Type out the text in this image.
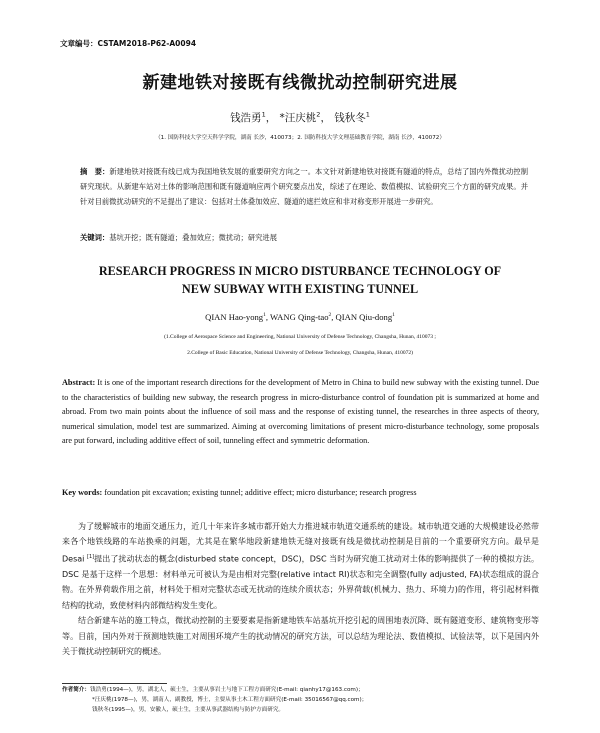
文章编号：CSTAM2018-P62-A0094
新建地铁对接既有线微扰动控制研究进展
钱浩勇$^1$， *汪庆桃$^2$， 钱秋冬$^1$
（1. 国防科技大学空天科学学院，湖南 长沙，410073；2. 国防科技大学文理基础教育学院，湖南 长沙，410072）
摘　要：新建地铁对接既有线已成为我国地铁发展的重要研究方向之一。本文针对新建地铁对接既有隧道的特点，总结了国内外微扰动控制研究现状。从新建车站对土体的影响范围和既有隧道响应两个研究要点出发，综述了在理论、数值模拟、试验研究三个方面的研究成果。并针对目前微扰动研究的不足提出了建议：包括对土体叠加效应、隧道的遮拦效应和非对称变形开展进一步研究。
关键词：基坑开挖；既有隧道；叠加效应；微扰动；研究进展
RESEARCH PROGRESS IN MICRO DISTURBANCE TECHNOLOGY OF
NEW SUBWAY WITH EXISTING TUNNEL
QIAN Hao-yong$^1$, WANG Qing-tao$^2$, QIAN Qiu-dong$^1$
(1.College of Aerospace Science and Engineering, National University of Defense Technology, Changsha, Hunan, 410073 ;
2.College of Basic Education, National University of Defense Technology, Changsha, Hunan, 410072)
Abstract: It is one of the important research directions for the development of Metro in China to build new subway with the existing tunnel. Due to the characteristics of building new subway, the research progress in micro-disturbance control of foundation pit is summarized at home and abroad. From two main points about the influence of soil mass and the response of existing tunnel, the researches in three aspects of theory, numerical simulation, model test are summarized. Aiming at overcoming limitations of present micro-disturbance technology, some proposals are put forward, including additive effect of soil, tunneling effect and symmetric deformation.
Key words: foundation pit excavation; existing tunnel; additive effect; micro disturbance; research progress

为了缓解城市的地面交通压力，近几十年来许多城市都开始大力推进城市轨道交通系统的建设。城市轨道交通的大规模建设必然带来各个地铁线路的车站换乘的问题，尤其是在繁华地段新建地铁无缝对接既有线是微扰动控制是目前的一个重要研究方向。最早是 Desai [1]提出了扰动状态的概念(disturbed state concept，DSC)，DSC 当时为研究施工扰动对土体的影响提供了一种的模拟方法。DSC 是基于这样一个思想：材料单元可被认为是由相对完整(relative intact RI)状态和完全调整(fully adjusted, FA)状态组成的混合物。在外界荷载作用之前，材料处于相对完整状态或无扰动的连续介质状态；外界荷载(机械力、热力、环境力)的作用，将引起材料微结构的扰动，致使材料内部微结构发生变化。

结合新建车站的施工特点，微扰动控制的主要要素是指新建地铁车站基坑开挖引起的周围地表沉降、既有隧道变形、建筑物变形等等。目前，国内外对于预测地铁施工对周围环境产生的扰动情况的研究方法，可以总结为理论法、数值模拟、试验法等，以下是国内外关于微扰动控制研究的概述。

作者简介：钱浩勇(1994—)，男，湖北人，硕士生，主要从事岩土与地下工程方面研究(E-mail: qianhy17@163.com)；
*汪庆桃(1978—)，男，湖南人，副教授，博士，主要从事土木工程方面研究(E-mail: 35016567@qq.com)；
钱秋冬(1995—)，男，安徽人，硕士生，主要从事武器结构与防护方面研究。
